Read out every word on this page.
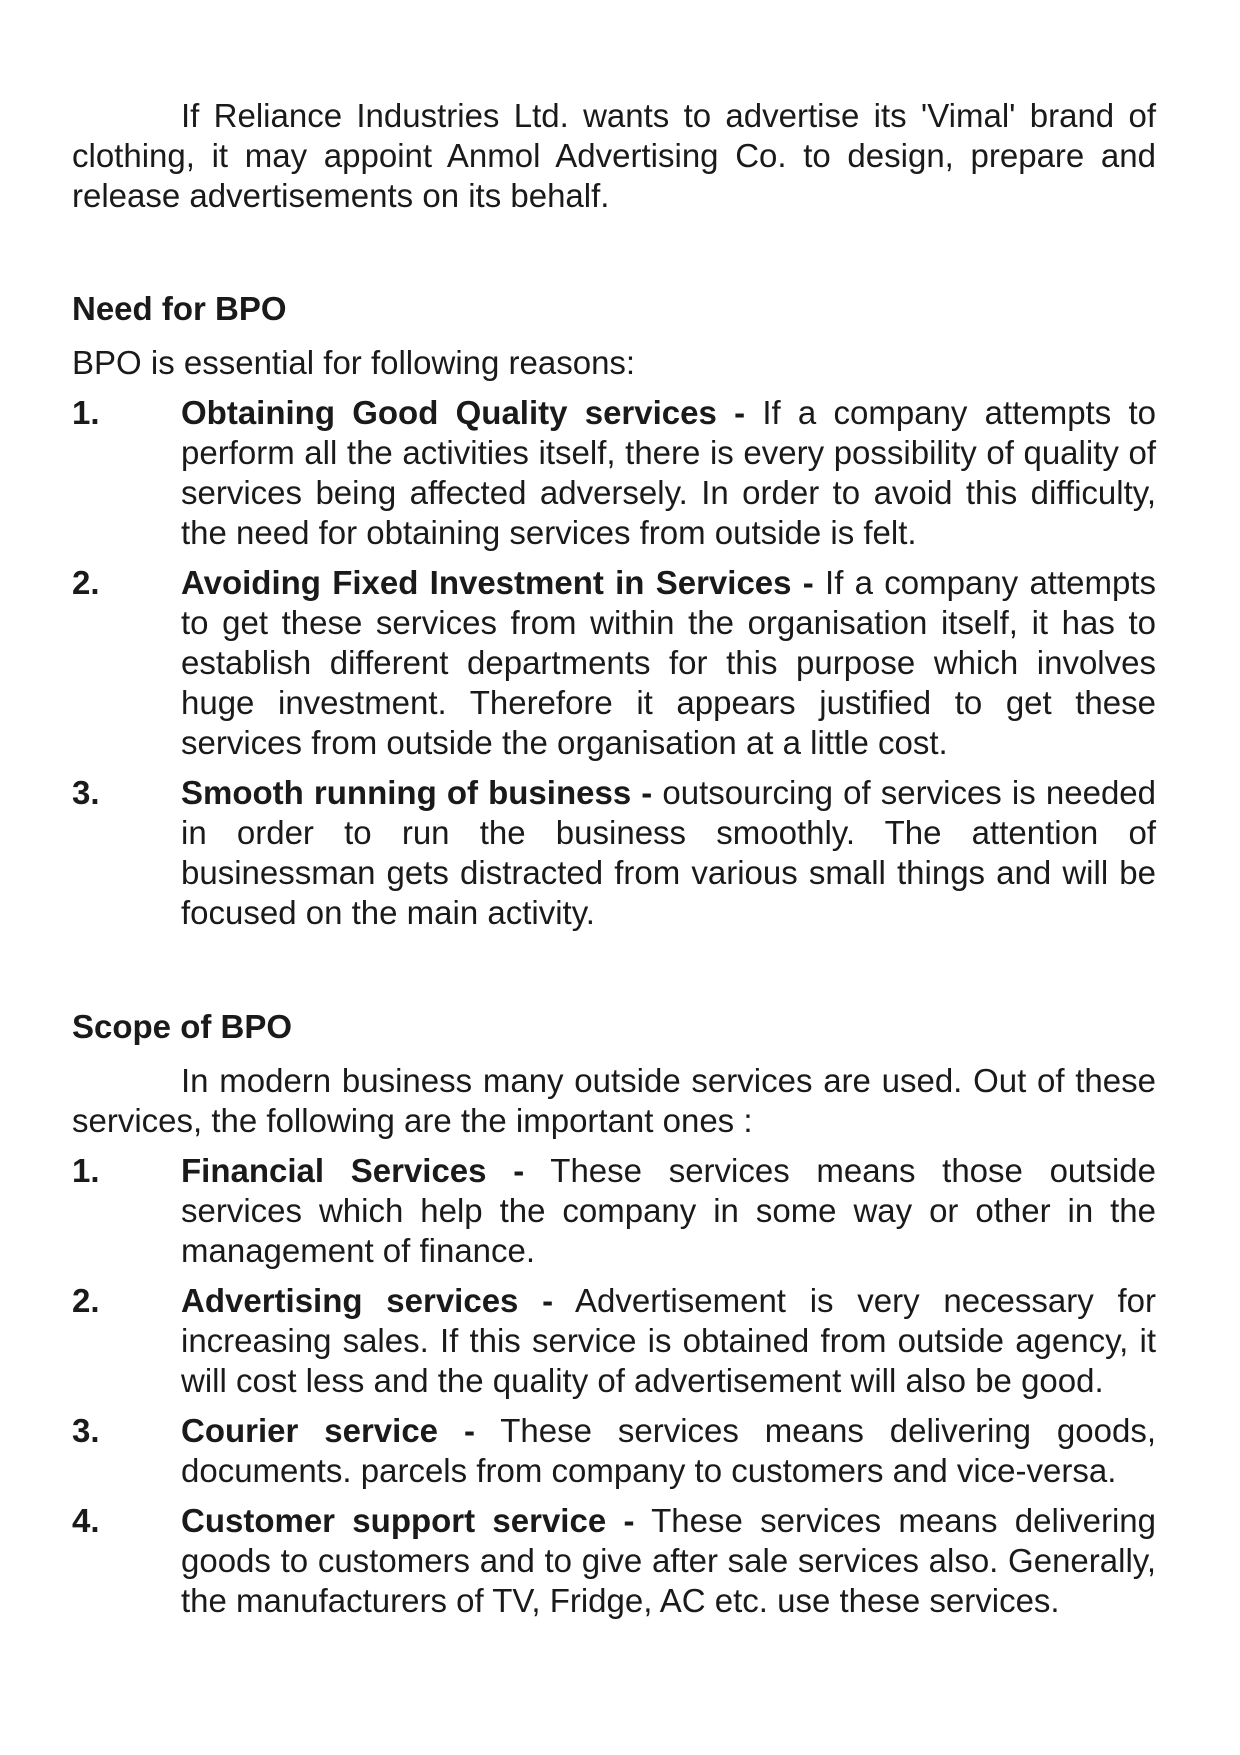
If Reliance Industries Ltd. wants to advertise its 'Vimal' brand of clothing, it may appoint Anmol Advertising Co. to design, prepare and release advertisements on its behalf.

Need for BPO

BPO is essential for following reasons:

1.	Obtaining Good Quality services - If a company attempts to perform all the activities itself, there is every possibility of quality of services being affected adversely. In order to avoid this difficulty, the need for obtaining services from outside is felt.
2.	Avoiding Fixed Investment in Services - If a company attempts to get these services from within the organisation itself, it has to establish different departments for this purpose which involves huge investment. Therefore it appears justified to get these services from outside the organisation at a little cost.
3.	Smooth running of business - outsourcing of services is needed in order to run the business smoothly. The attention of businessman gets distracted from various small things and will be focused on the main activity.
Scope of BPO

In modern business many outside services are used. Out of these services, the following are the important ones :

1.	Financial Services - These services means those outside services which help the company in some way or other in the management of finance.
2.	Advertising services - Advertisement is very necessary for increasing sales. If this service is obtained from outside agency, it will cost less and the quality of advertisement will also be good.
3.	Courier service - These services means delivering goods, documents. parcels from company to customers and vice-versa.
4.	Customer support service - These services means delivering goods to customers and to give after sale services also. Generally, the manufacturers of TV, Fridge, AC etc. use these services.
